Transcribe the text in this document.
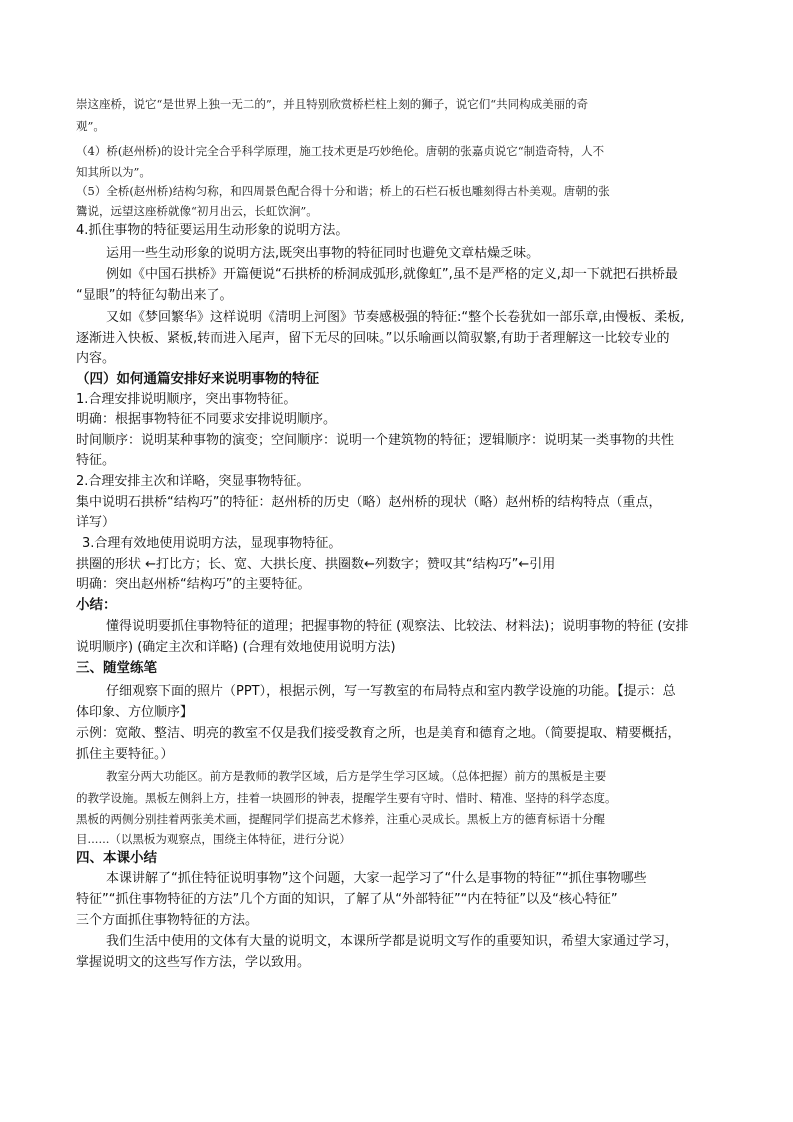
崇这座桥，说它“是世界上独一无二的”，并且特别欣赏桥栏柱上刻的狮子，说它们“共同构成美丽的奇
观”。
（4）桥(赵州桥)的设计完全合乎科学原理，施工技术更是巧妙绝伦。唐朝的张嘉贞说它“制造奇特，人不
知其所以为”。
（5）全桥(赵州桥)结构匀称，和四周景色配合得十分和谐；桥上的石栏石板也雕刻得古朴美观。唐朝的张
鷟说，远望这座桥就像“初月出云，长虹饮涧”。
4.抓住事物的特征要运用生动形象的说明方法。
运用一些生动形象的说明方法,既突出事物的特征同时也避免文章枯燥乏味。
例如《中国石拱桥》开篇便说“石拱桥的桥洞成弧形,就像虹”,虽不是严格的定义,却一下就把石拱桥最
“显眼”的特征勾勒出来了。
又如《梦回繁华》这样说明《清明上河图》节奏感极强的特征:“整个长卷犹如一部乐章,由慢板、柔板,
逐渐进入快板、紧板,转而进入尾声，留下无尽的回味。”以乐喻画以简驭繁,有助于者理解这一比较专业的
内容。
（四）如何通篇安排好来说明事物的特征
1.合理安排说明顺序，突出事物特征。
明确：根据事物特征不同要求安排说明顺序。
时间顺序：说明某种事物的演变；空间顺序：说明一个建筑物的特征；逻辑顺序：说明某一类事物的共性
特征。
2.合理安排主次和详略，突显事物特征。
集中说明石拱桥“结构巧”的特征：赵州桥的历史（略）赵州桥的现状（略）赵州桥的结构特点（重点，
详写）
3.合理有效地使用说明方法，显现事物特征。
拱圈的形状 ←打比方；长、宽、大拱长度、拱圈数←列数字；赞叹其“结构巧”←引用
明确：突出赵州桥“结构巧”的主要特征。
小结：
懂得说明要抓住事物特征的道理；把握事物的特征 (观察法、比较法、材料法)；说明事物的特征 (安排
说明顺序) (确定主次和详略) (合理有效地使用说明方法)
三、随堂练笔
仔细观察下面的照片（PPT），根据示例，写一写教室的布局特点和室内教学设施的功能。【提示：总
体印象、方位顺序】
示例：宽敞、整洁、明亮的教室不仅是我们接受教育之所，也是美育和德育之地。（简要提取、精要概括，
抓住主要特征。）
教室分两大功能区。前方是教师的教学区域，后方是学生学习区域。（总体把握）前方的黑板是主要
的教学设施。黑板左侧斜上方，挂着一块圆形的钟表，提醒学生要有守时、惜时、精准、坚持的科学态度。
黑板的两侧分别挂着两张美术画，提醒同学们提高艺术修养，注重心灵成长。黑板上方的德育标语十分醒
目......（以黑板为观察点，围绕主体特征，进行分说）
四、本课小结
本课讲解了“抓住特征说明事物”这个问题，大家一起学习了“什么是事物的特征”“抓住事物哪些
特征”“抓住事物特征的方法”几个方面的知识，了解了从“外部特征”“内在特征”以及“核心特征”
三个方面抓住事物特征的方法。
我们生活中使用的文体有大量的说明文，本课所学都是说明文写作的重要知识，希望大家通过学习，
掌握说明文的这些写作方法，学以致用。
